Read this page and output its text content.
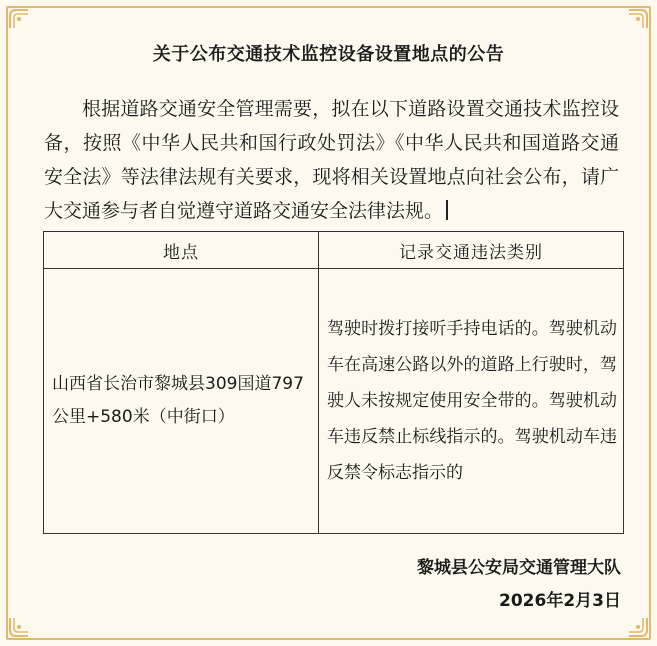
关于公布交通技术监控设备设置地点的公告
根据道路交通安全管理需要，拟在以下道路设置交通技术监控设备，按照《中华人民共和国行政处罚法》《中华人民共和国道路交通安全法》等法律法规有关要求，现将相关设置地点向社会公布，请广大交通参与者自觉遵守道路交通安全法律法规。
地点	记录交通违法类别
山西省长治市黎城县309国道797公里+580米（中街口）	驾驶时拨打接听手持电话的。驾驶机动车在高速公路以外的道路上行驶时，驾驶人未按规定使用安全带的。驾驶机动车违反禁止标线指示的。驾驶机动车违反禁令标志指示的
黎城县公安局交通管理大队
2026年2月3日
